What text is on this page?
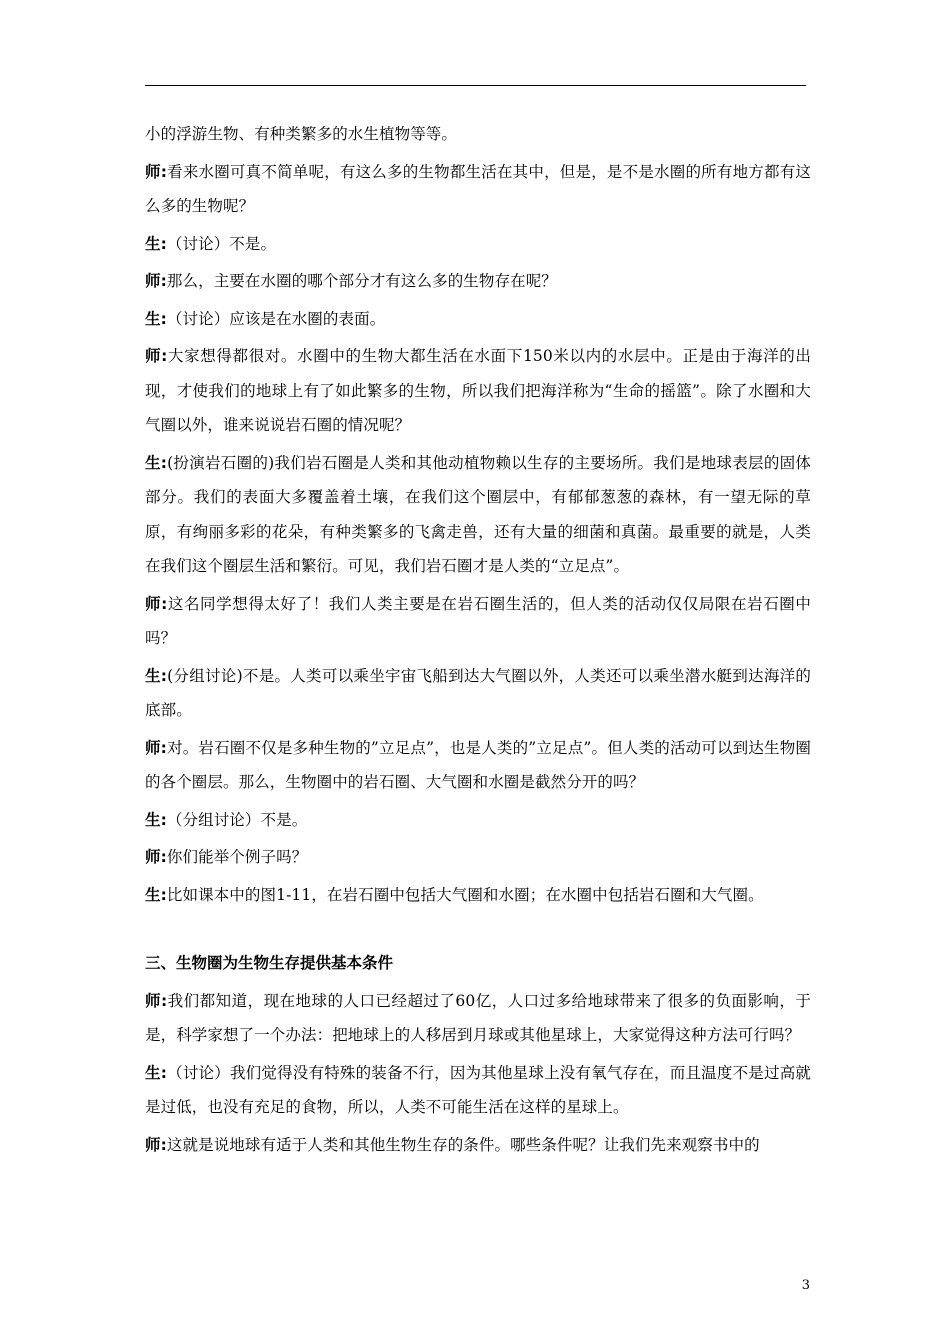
小的浮游生物、有种类繁多的水生植物等等。

师:看来水圈可真不简单呢，有这么多的生物都生活在其中，但是，是不是水圈的所有地方都有这么多的生物呢？

生:（讨论）不是。

师:那么，主要在水圈的哪个部分才有这么多的生物存在呢？

生:（讨论）应该是在水圈的表面。

师:大家想得都很对。水圈中的生物大都生活在水面下150米以内的水层中。正是由于海洋的出现，才使我们的地球上有了如此繁多的生物，所以我们把海洋称为“生命的摇篮”。除了水圈和大气圈以外，谁来说说岩石圈的情况呢？

生:(扮演岩石圈的)我们岩石圈是人类和其他动植物赖以生存的主要场所。我们是地球表层的固体部分。我们的表面大多覆盖着土壤，在我们这个圈层中，有郁郁葱葱的森林，有一望无际的草原，有绚丽多彩的花朵，有种类繁多的飞禽走兽，还有大量的细菌和真菌。最重要的就是，人类在我们这个圈层生活和繁衍。可见，我们岩石圈才是人类的“立足点”。

师:这名同学想得太好了！我们人类主要是在岩石圈生活的，但人类的活动仅仅局限在岩石圈中吗？

生:(分组讨论)不是。人类可以乘坐宇宙飞船到达大气圈以外，人类还可以乘坐潜水艇到达海洋的底部。

师:对。岩石圈不仅是多种生物的”立足点”，也是人类的”立足点”。但人类的活动可以到达生物圈的各个圈层。那么，生物圈中的岩石圈、大气圈和水圈是截然分开的吗？

生:（分组讨论）不是。

师:你们能举个例子吗？

生:比如课本中的图1-11，在岩石圈中包括大气圈和水圈；在水圈中包括岩石圈和大气圈。

三、生物圈为生物生存提供基本条件

师:我们都知道，现在地球的人口已经超过了60亿，人口过多给地球带来了很多的负面影响，于是，科学家想了一个办法：把地球上的人移居到月球或其他星球上，大家觉得这种方法可行吗？

生:（讨论）我们觉得没有特殊的装备不行，因为其他星球上没有氧气存在，而且温度不是过高就是过低，也没有充足的食物，所以，人类不可能生活在这样的星球上。

师:这就是说地球有适于人类和其他生物生存的条件。哪些条件呢？让我们先来观察书中的

3
